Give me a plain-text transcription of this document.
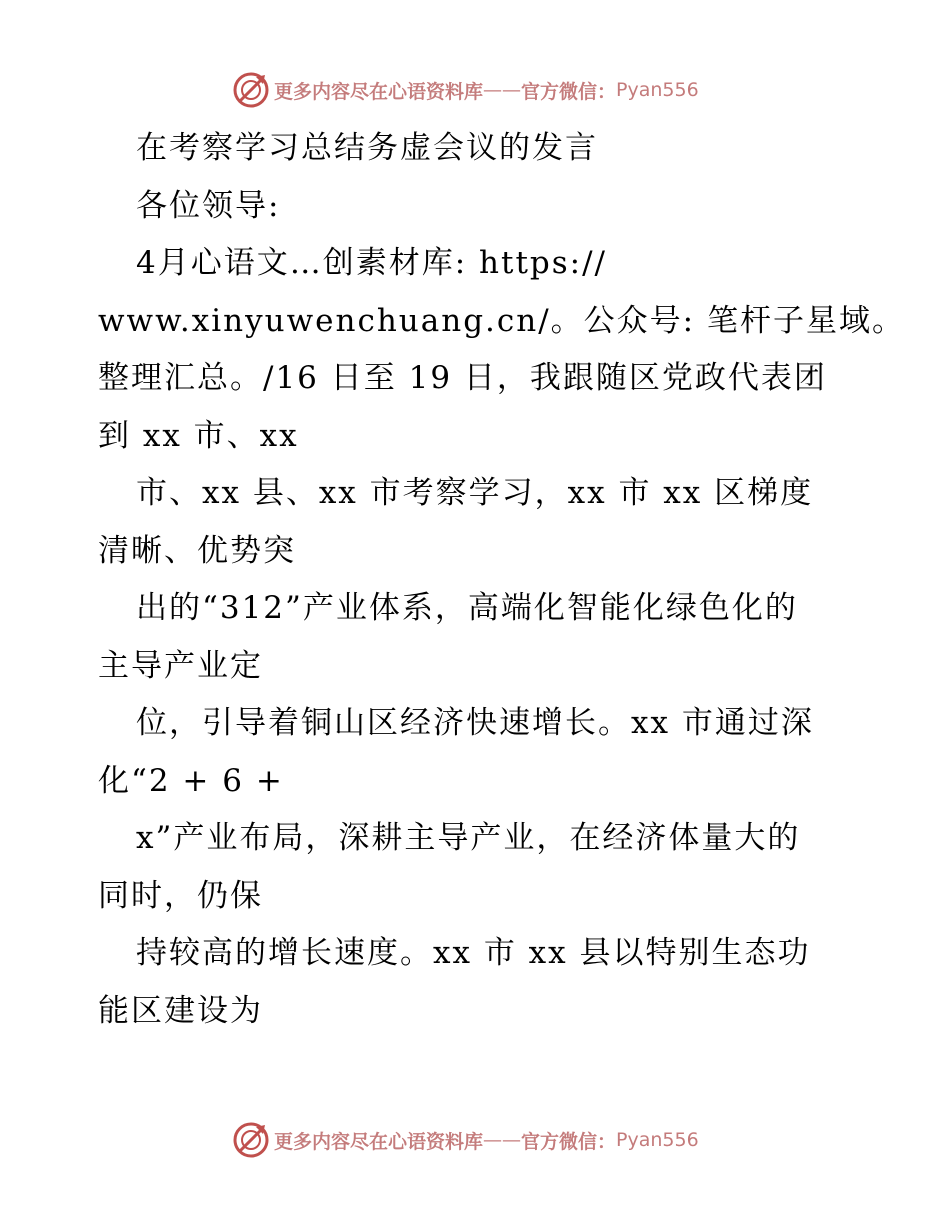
更多内容尽在心语资料库 —— 官方微信： Pyan556
在考察学习总结务虚会议的发言
各位领导:
4月心语文…创素材库: https://
www.xinyuwenchuang.cn/。公众号: 笔杆子星域。
整理汇总。/16 日至 19 日，我跟随区党政代表团
到 xx 市、xx
市、xx 县、xx 市考察学习，xx 市 xx 区梯度
清晰、优势突
出的“312”产业体系，高端化智能化绿色化的
主导产业定
位，引导着铜山区经济快速增长。xx 市通过深
化“2 + 6 +
x”产业布局，深耕主导产业，在经济体量大的
同时，仍保
持较高的增长速度。xx 市 xx 县以特别生态功
能区建设为
更多内容尽在心语资料库 —— 官方微信： Pyan556
